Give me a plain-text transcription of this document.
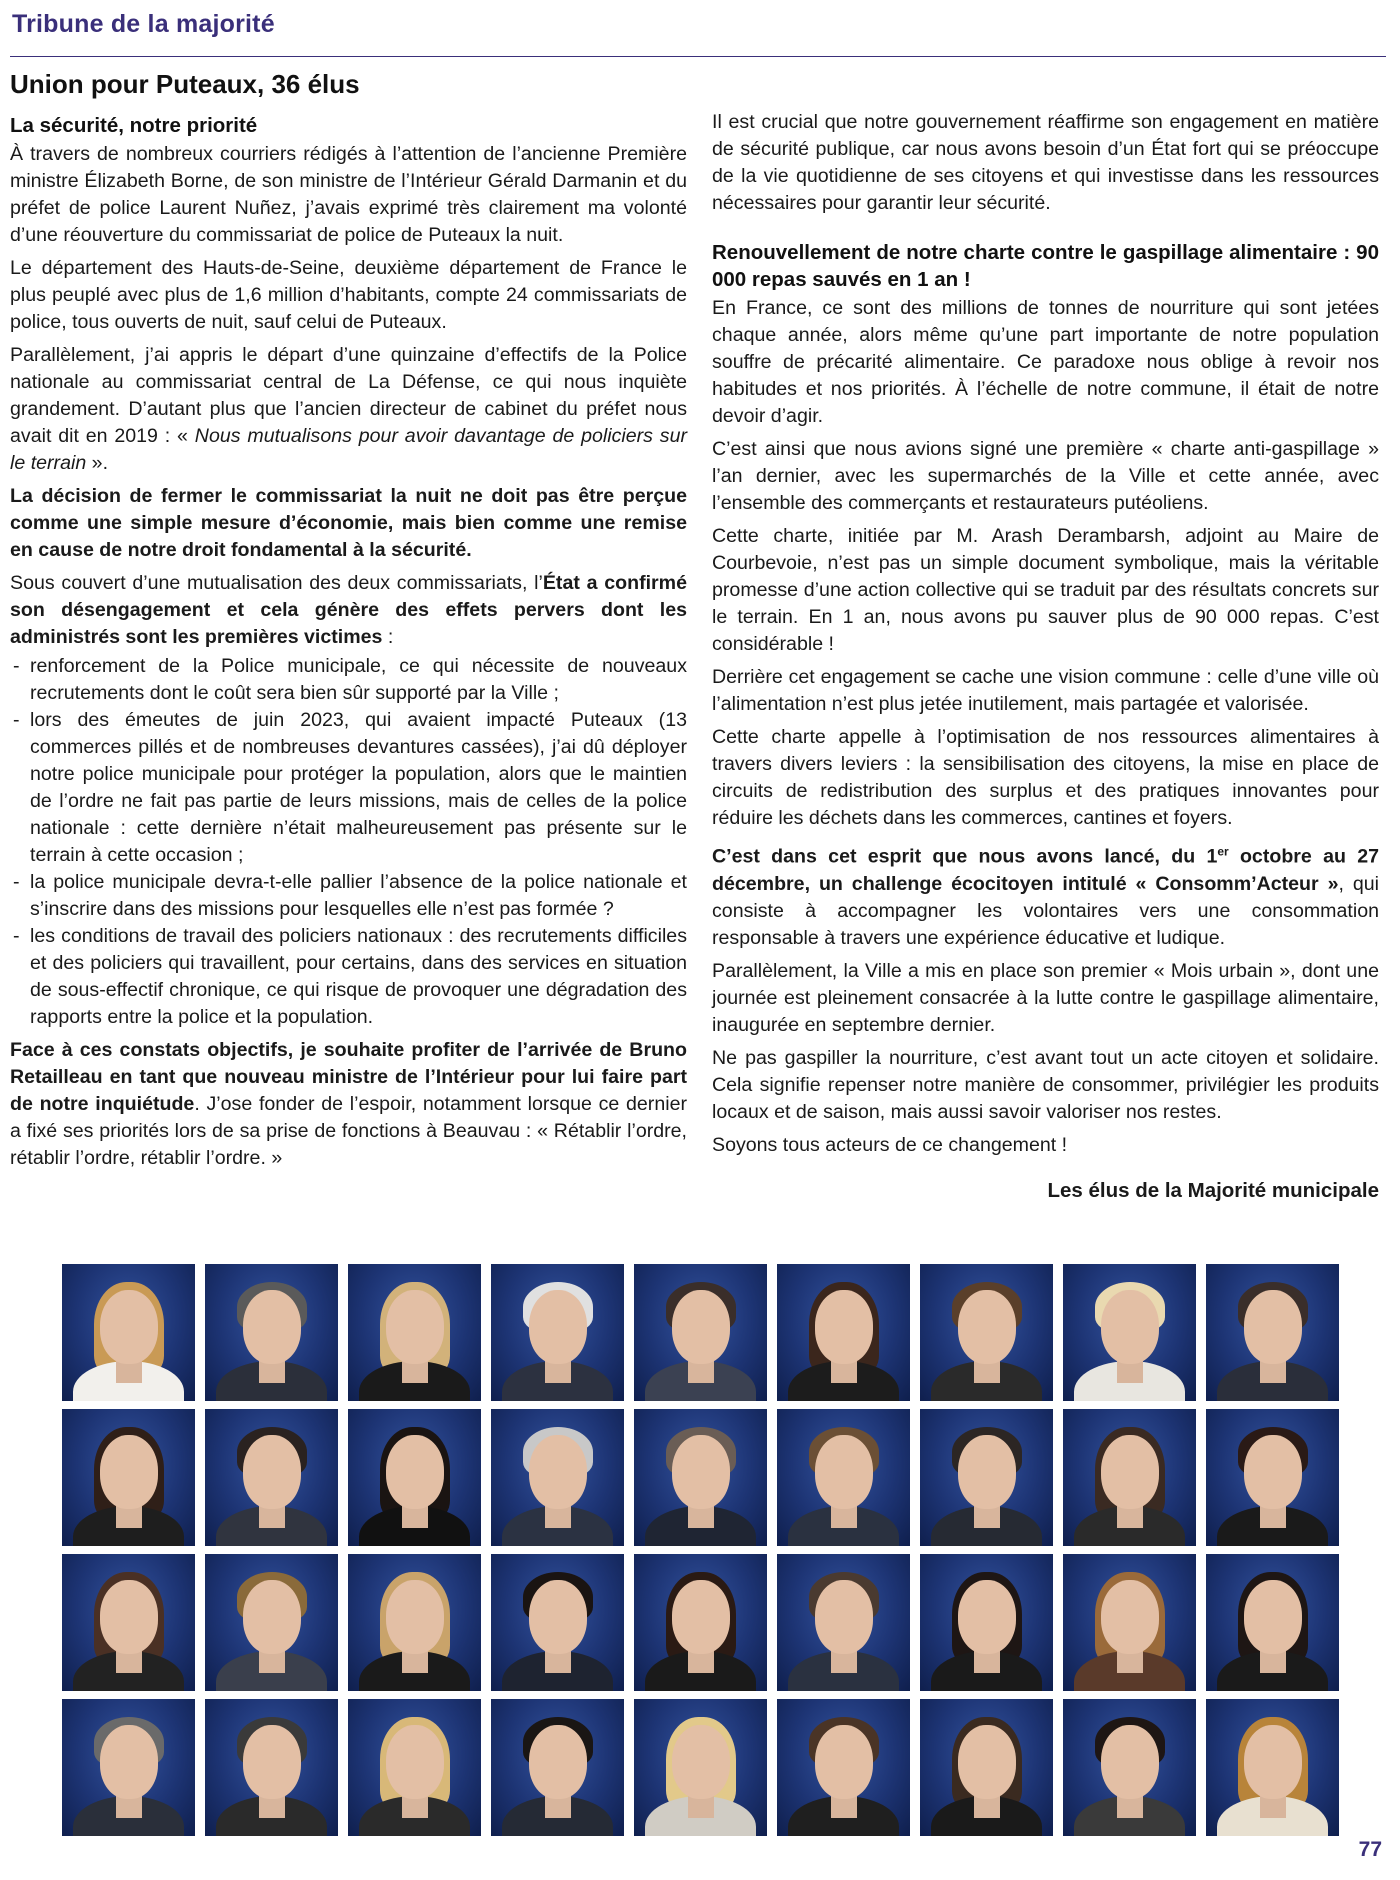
Tribune de la majorité
Union pour Puteaux, 36 élus
La sécurité, notre priorité

À travers de nombreux courriers rédigés à l’attention de l’ancienne Première ministre Élizabeth Borne, de son ministre de l’Intérieur Gérald Darmanin et du préfet de police Laurent Nuñez, j’avais exprimé très clairement ma volonté d’une réouverture du commissariat de police de Puteaux la nuit.

Le département des Hauts-de-Seine, deuxième département de France le plus peuplé avec plus de 1,6 million d’habitants, compte 24 commissariats de police, tous ouverts de nuit, sauf celui de Puteaux.

Parallèlement, j’ai appris le départ d’une quinzaine d’effectifs de la Police nationale au commissariat central de La Défense, ce qui nous inquiète grandement. D’autant plus que l’ancien directeur de cabinet du préfet nous avait dit en 2019 : « Nous mutualisons pour avoir davantage de policiers sur le terrain ».

La décision de fermer le commissariat la nuit ne doit pas être perçue comme une simple mesure d’économie, mais bien comme une remise en cause de notre droit fondamental à la sécurité.

Sous couvert d’une mutualisation des deux commissariats, l’État a confirmé son désengagement et cela génère des effets pervers dont les administrés sont les premières victimes :

- renforcement de la Police municipale, ce qui nécessite de nouveaux recrutements dont le coût sera bien sûr supporté par la Ville ;
- lors des émeutes de juin 2023, qui avaient impacté Puteaux (13 commerces pillés et de nombreuses devantures cassées), j’ai dû déployer notre police municipale pour protéger la population, alors que le maintien de l’ordre ne fait pas partie de leurs missions, mais de celles de la police nationale : cette dernière n’était malheureusement pas présente sur le terrain à cette occasion ;
- la police municipale devra-t-elle pallier l’absence de la police nationale et s’inscrire dans des missions pour lesquelles elle n’est pas formée ?
- les conditions de travail des policiers nationaux : des recrutements difficiles et des policiers qui travaillent, pour certains, dans des services en situation de sous-effectif chronique, ce qui risque de provoquer une dégradation des rapports entre la police et la population.

Face à ces constats objectifs, je souhaite profiter de l’arrivée de Bruno Retailleau en tant que nouveau ministre de l’Intérieur pour lui faire part de notre inquiétude. J’ose fonder de l’espoir, notamment lorsque ce dernier a fixé ses priorités lors de sa prise de fonctions à Beauvau : « Rétablir l’ordre, rétablir l’ordre, rétablir l’ordre. »

Il est crucial que notre gouvernement réaffirme son engagement en matière de sécurité publique, car nous avons besoin d’un État fort qui se préoccupe de la vie quotidienne de ses citoyens et qui investisse dans les ressources nécessaires pour garantir leur sécurité.

Renouvellement de notre charte contre le gaspillage alimentaire : 90 000 repas sauvés en 1 an !

En France, ce sont des millions de tonnes de nourriture qui sont jetées chaque année, alors même qu’une part importante de notre population souffre de précarité alimentaire. Ce paradoxe nous oblige à revoir nos habitudes et nos priorités. À l’échelle de notre commune, il était de notre devoir d’agir.

C’est ainsi que nous avions signé une première « charte anti-gaspillage » l’an dernier, avec les supermarchés de la Ville et cette année, avec l’ensemble des commerçants et restaurateurs putéoliens.

Cette charte, initiée par M. Arash Derambarsh, adjoint au Maire de Courbevoie, n’est pas un simple document symbolique, mais la véritable promesse d’une action collective qui se traduit par des résultats concrets sur le terrain. En 1 an, nous avons pu sauver plus de 90 000 repas. C’est considérable !

Derrière cet engagement se cache une vision commune : celle d’une ville où l’alimentation n’est plus jetée inutilement, mais partagée et valorisée.

Cette charte appelle à l’optimisation de nos ressources alimentaires à travers divers leviers : la sensibilisation des citoyens, la mise en place de circuits de redistribution des surplus et des pratiques innovantes pour réduire les déchets dans les commerces, cantines et foyers.

C’est dans cet esprit que nous avons lancé, du 1er octobre au 27 décembre, un challenge écocitoyen intitulé « Consomm’Acteur », qui consiste à accompagner les volontaires vers une consommation responsable à travers une expérience éducative et ludique.

Parallèlement, la Ville a mis en place son premier « Mois urbain », dont une journée est pleinement consacrée à la lutte contre le gaspillage alimentaire, inaugurée en septembre dernier.

Ne pas gaspiller la nourriture, c’est avant tout un acte citoyen et solidaire. Cela signifie repenser notre manière de consommer, privilégier les produits locaux et de saison, mais aussi savoir valoriser nos restes.

Soyons tous acteurs de ce changement !

Les élus de la Majorité municipale
77
